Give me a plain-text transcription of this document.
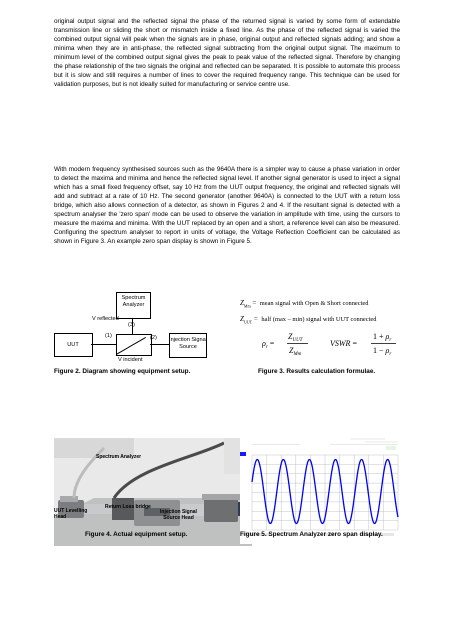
original output signal and the reflected signal the phase of the returned signal is varied by some form of extendable transmission line or sliding the short or mismatch inside a fixed line. As the phase of the reflected signal is varied the combined output signal will peak when the signals are in phase, original output and reflected signals adding; and show a minima when they are in anti-phase, the reflected signal subtracting from the original output signal. The maximum to minimum level of the combined output signal gives the peak to peak value of the reflected signal. Therefore by changing the phase relationship of the two signals the original and reflected can be separated. It is possible to automate this process but it is slow and still requires a number of lines to cover the required frequency range. This technique can be used for validation purposes, but is not ideally suited for manufacturing or service centre use.

With modern frequency synthesised sources such as the 9640A there is a simpler way to cause a phase variation in order to detect the maxima and minima and hence the reflected signal level. If another signal generator is used to inject a signal which has a small fixed frequency offset, say 10 Hz from the UUT output frequency, the original and reflected signals will add and subtract at a rate of 10 Hz. The second generator (another 9640A) is connected to the UUT with a return loss bridge, which also allows connection of a detector, as shown in Figures 2 and 4. If the resultant signal is detected with a spectrum analyser the 'zero span' mode can be used to observe the variation in amplitude with time, using the cursors to measure the maxima and minima. With the UUT replaced by an open and a short, a reference level can also be measured. Configuring the spectrum analyser to report in units of voltage, the Voltage Reflection Coefficient can be calculated as shown in Figure 3. An example zero span display is shown in Figure 5.

Spectrum
Analyzer
V reflected
UUT
(1)
(3)
(2)
V incident
Injection Signal
Source

Figure 2. Diagram showing equipment setup.

$Z_{Mm}$ =  mean signal with Open & Short connected
$Z_{UUT}$ =  half (max – min) signal with UUT connected
$\rho_r$ =
$Z_{UUT}$
$Z_{Mm}$
VSWR =
$1 + \rho_r$
$1 - \rho_r$

Figure 3. Results calculation formulae.

Spectrum Analyzer
Return Loss bridge
UUT Levelling
Head
Injection Signal
Source Head

Figure 4. Actual equipment setup.	Figure 5. Spectrum Analyzer zero span display.
